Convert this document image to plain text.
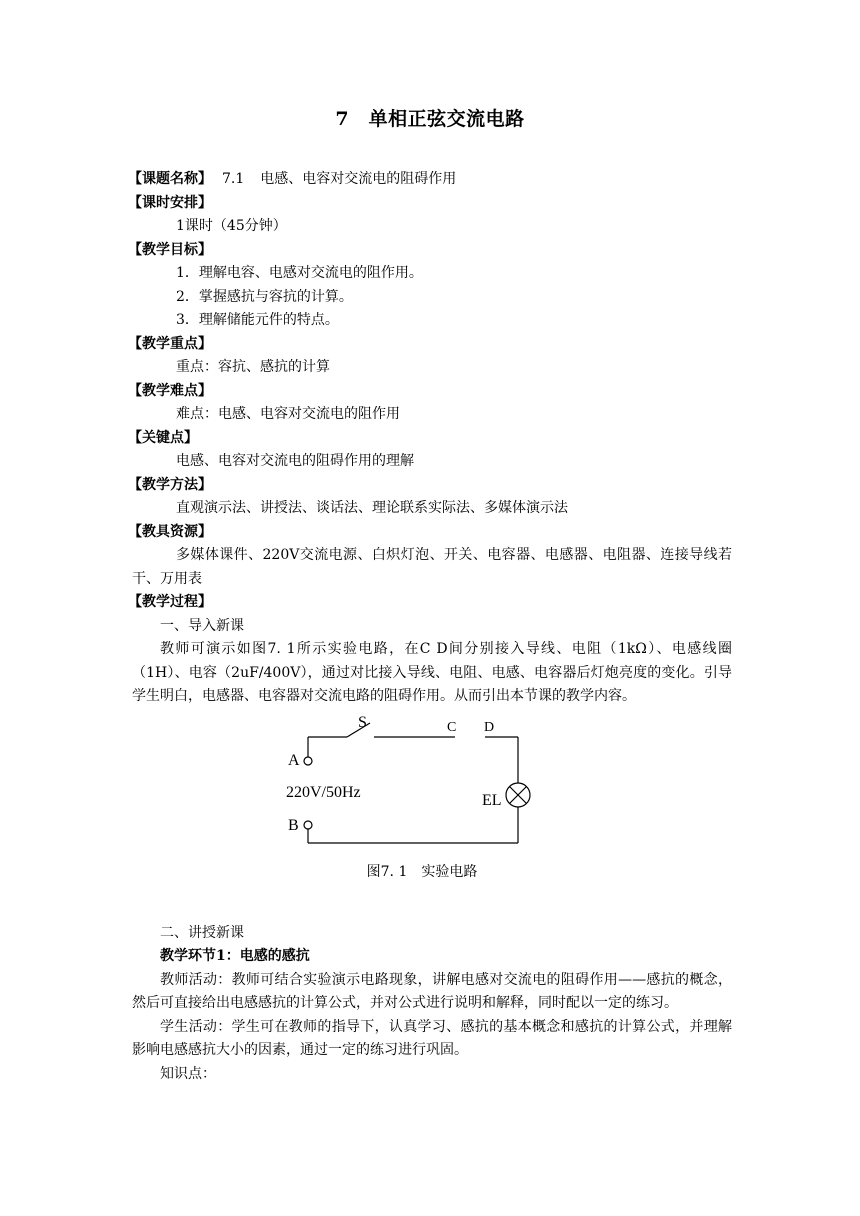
7　单相正弦交流电路
【课题名称】 7.1 电感、电容对交流电的阻碍作用
【课时安排】
1课时（45分钟）
【教学目标】
1．理解电容、电感对交流电的阻作用。
2．掌握感抗与容抗的计算。
3．理解储能元件的特点。
【教学重点】
重点：容抗、感抗的计算
【教学难点】
难点：电感、电容对交流电的阻作用
【关键点】
电感、电容对交流电的阻碍作用的理解
【教学方法】
直观演示法、讲授法、谈话法、理论联系实际法、多媒体演示法
【教具资源】
多媒体课件、220V交流电源、白炽灯泡、开关、电容器、电感器、电阻器、连接导线若干、万用表
【教学过程】
一、导入新课
教师可演示如图7. 1所示实验电路，在C D间分别接入导线、电阻（1kΩ）、电感线圈（1H）、电容（2uF/400V），通过对比接入导线、电阻、电感、电容器后灯炮亮度的变化。引导学生明白，电感器、电容器对交流电路的阻碍作用。从而引出本节课的教学内容。
S	C D
A
B
220V/50Hz	EL
图7. 1　实验电路
二、讲授新课
教学环节1：电感的感抗
教师活动：教师可结合实验演示电路现象，讲解电感对交流电的阻碍作用——感抗的概念，然后可直接给出电感感抗的计算公式，并对公式进行说明和解释，同时配以一定的练习。
学生活动：学生可在教师的指导下，认真学习、感抗的基本概念和感抗的计算公式，并理解影响电感感抗大小的因素，通过一定的练习进行巩固。
知识点：
